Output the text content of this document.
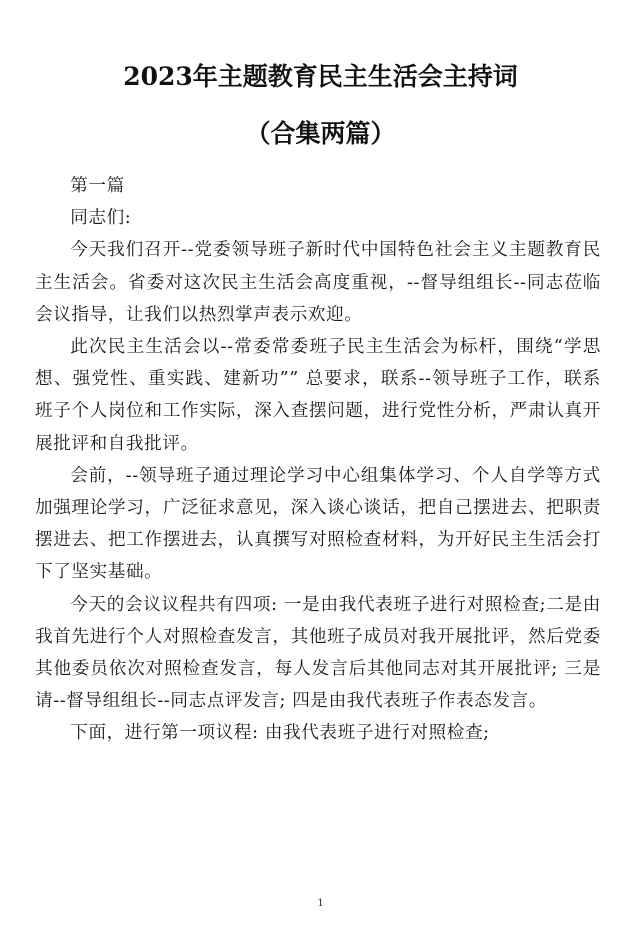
2023年主题教育民主生活会主持词
（合集两篇）

第一篇

同志们:

今天我们召开--党委领导班子新时代中国特色社会主义主题教育民主生活会。省委对这次民主生活会高度重视，--督导组组长--同志莅临会议指导，让我们以热烈掌声表示欢迎。

此次民主生活会以--常委常委班子民主生活会为标杆，围绕“学思想、强党性、重实践、建新功”” 总要求，联系--领导班子工作，联系班子个人岗位和工作实际，深入查摆问题，进行党性分析，严肃认真开展批评和自我批评。

会前，--领导班子通过理论学习中心组集体学习、个人自学等方式加强理论学习，广泛征求意见，深入谈心谈话，把自己摆进去、把职责摆进去、把工作摆进去，认真撰写对照检查材料，为开好民主生活会打下了坚实基础。

今天的会议议程共有四项: 一是由我代表班子进行对照检查;二是由我首先进行个人对照检查发言，其他班子成员对我开展批评，然后党委其他委员依次对照检查发言，每人发言后其他同志对其开展批评; 三是请--督导组组长--同志点评发言; 四是由我代表班子作表态发言。

下面，进行第一项议程: 由我代表班子进行对照检查;

1
